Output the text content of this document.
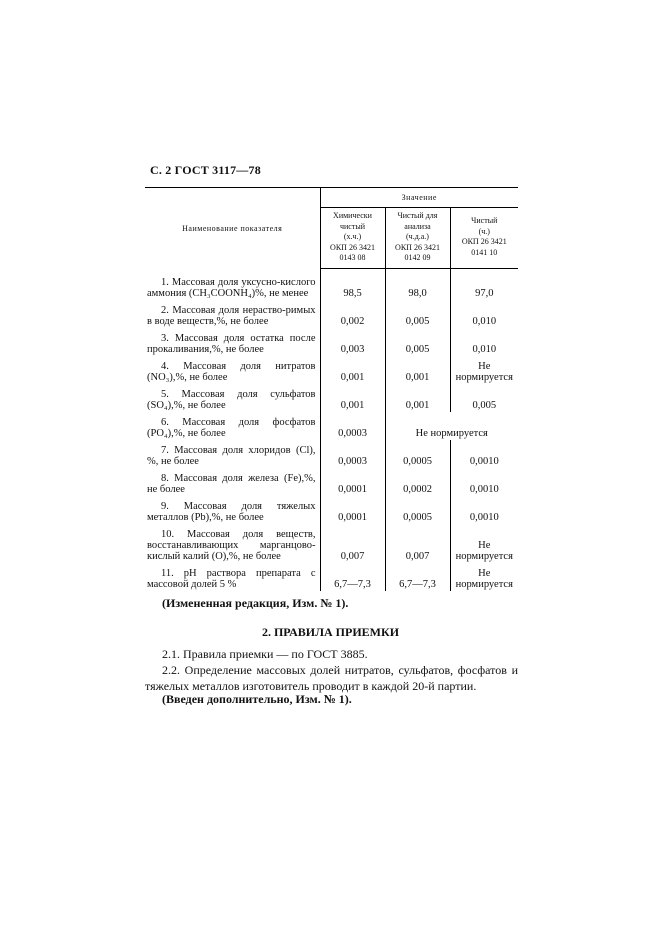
С. 2 ГОСТ 3117—78
Наименование показателя	Значение		

	Химически
чистый
(х.ч.)
ОКП 26 3421
0143 08	Чистый для
анализа
(ч.д.а.)
ОКП 26 3421
0142 09	Чистый
(ч.)
ОКП 26 3421
0141 10

1. Массовая доля уксусно-кислого аммония (CH₃COONH₄)%, не менее	98,5	98,0	97,0

2. Массовая доля нераство-римых в воде веществ,%, не более	0,002	0,005	0,010

3. Массовая доля остатка после прокаливания,%, не более	0,003	0,005	0,010

4. Массовая доля нитратов (NO₃),%, не более	0,001	0,001	Не нормируется

5. Массовая доля сульфатов (SO₄),%, не более	0,001	0,001	0,005

6. Массовая доля фосфатов (PO₄),%, не более	0,0003	Не нормируется	

7. Массовая доля хлоридов (Cl), %, не более	0,0003	0,0005	0,0010

8. Массовая доля железа (Fe),%, не более	0,0001	0,0002	0,0010

9. Массовая доля тяжелых металлов (Pb),%, не более	0,0001	0,0005	0,0010

10. Массовая доля веществ, восстанавливающих марганцово-кислый калий (О),%, не более	0,007	0,007	Не нормируется

11. pH раствора препарата с массовой долей 5 %	6,7—7,3	6,7—7,3	Не нормируется
(Измененная редакция, Изм. № 1).
2. ПРАВИЛА ПРИЕМКИ
2.1. Правила приемки — по ГОСТ 3885.
2.2. Определение массовых долей нитратов, сульфатов, фосфатов и тяжелых металлов изготовитель проводит в каждой 20-й партии.
(Введен дополнительно, Изм. № 1).
